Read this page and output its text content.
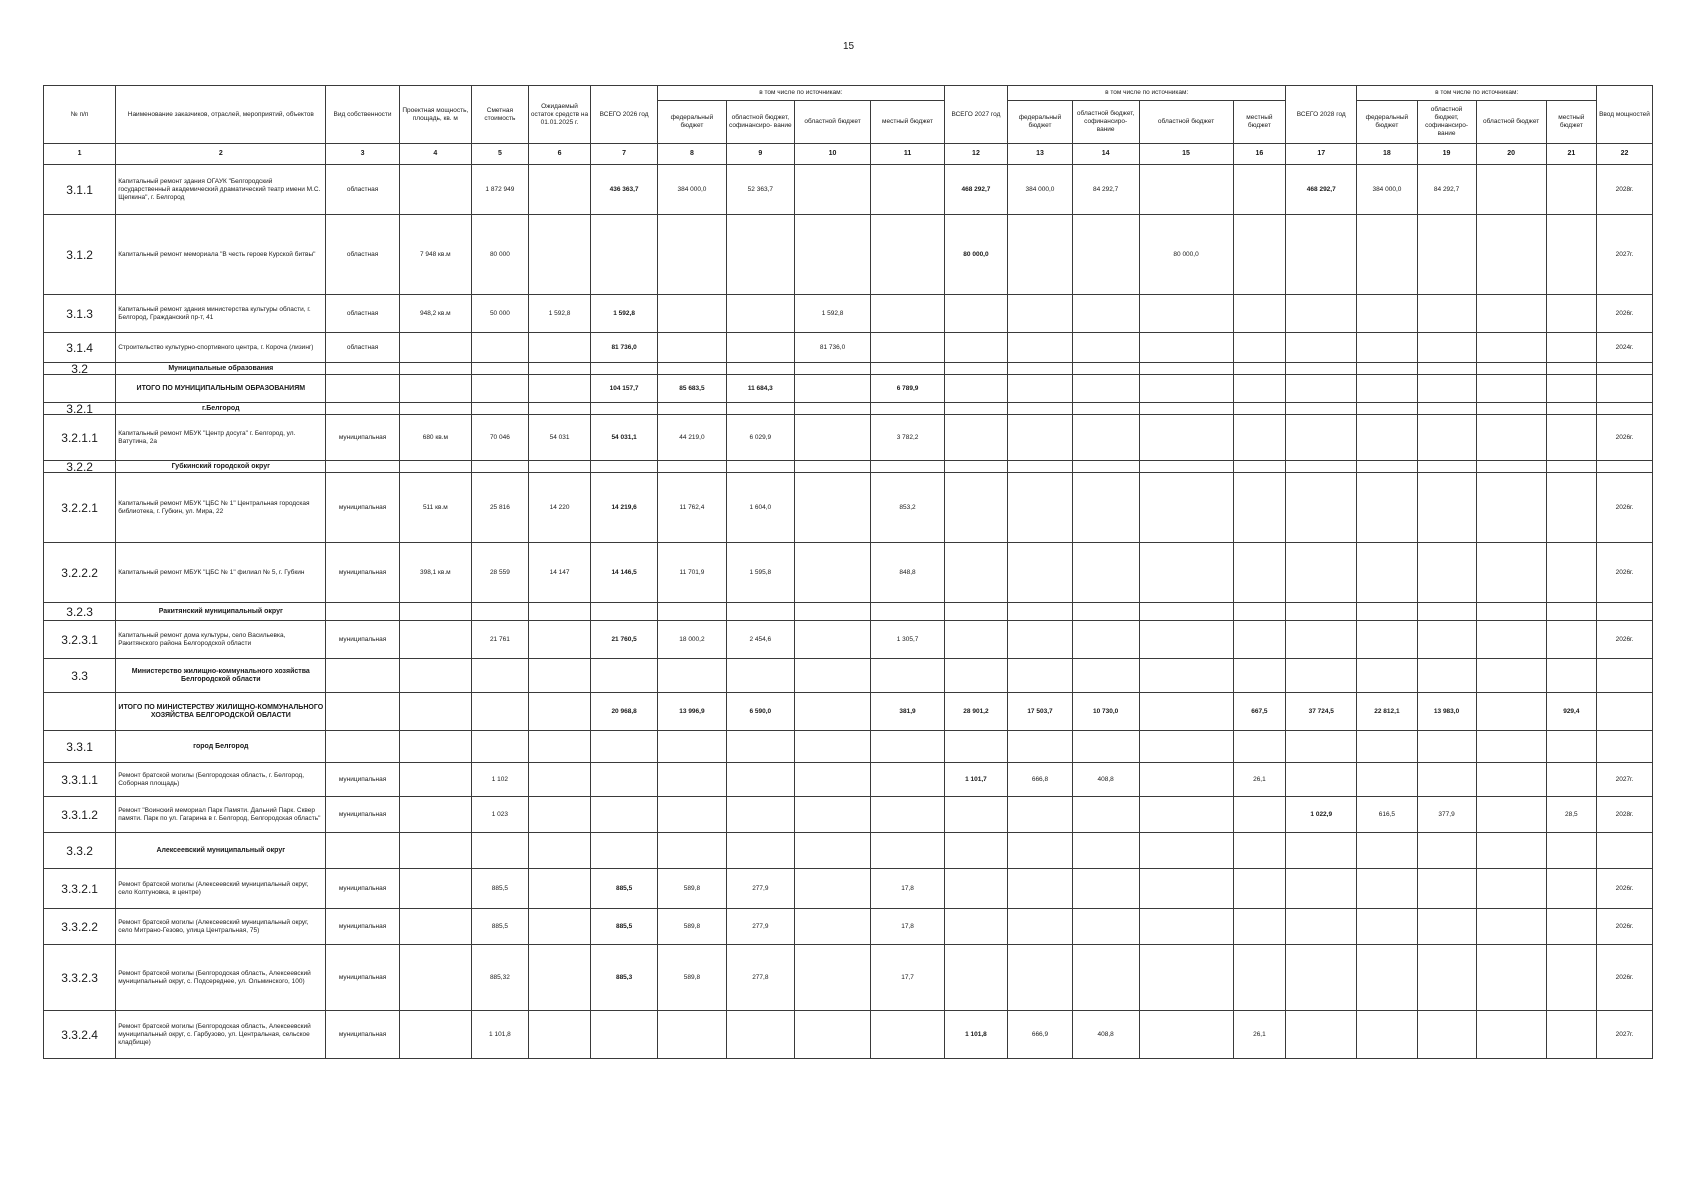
15
№ п/п	Наименование заказчиков, отраслей, мероприятий, объектов	Вид собственности	Проектная мощность, площадь, кв. м	Сметная стоимость	Ожидаемый остаток средств на 01.01.2025 г.	ВСЕГО 2026 год	в том числе по источникам:				ВСЕГО 2027 год	в том числе по источникам:				ВСЕГО 2028 год	в том числе по источникам:				Ввод мощностей
							федеральный бюджет	областной бюджет, софинансиро- вание	областной бюджет	местный бюджет		федеральный бюджет	областной бюджет, софинансиро- вание	областной бюджет	местный бюджет		федеральный бюджет	областной бюджет, софинансиро- вание	областной бюджет	местный бюджет	
1	2	3	4	5	6	7	8	9	10	11	12	13	14	15	16	17	18	19	20	21	22
3.1.1	Капитальный ремонт здания ОГАУК "Белгородский государственный академический драматический театр имени М.С. Щепкина", г. Белгород	областная		1 872 949		436 363,7	384 000,0	52 363,7			468 292,7	384 000,0	84 292,7			468 292,7	384 000,0	84 292,7			2028г.
3.1.2	Капитальный ремонт мемориала "В честь героев Курской битвы"	областная	7 948 кв.м	80 000							80 000,0			80 000,0							2027г.
3.1.3	Капитальный ремонт здания министерства культуры области, г. Белгород, Гражданский пр-т, 41	областная	948,2 кв.м	50 000	1 592,8	1 592,8			1 592,8												2026г.
3.1.4	Строительство культурно-спортивного центра, г. Короча (лизинг)	областная				81 736,0			81 736,0												2024г.
3.2	Муниципальные образования																				
	ИТОГО ПО МУНИЦИПАЛЬНЫМ ОБРАЗОВАНИЯМ					104 157,7	85 683,5	11 684,3		6 789,9											
3.2.1	г.Белгород																				
3.2.1.1	Капитальный ремонт МБУК "Центр досуга" г. Белгород, ул. Ватутина, 2а	муниципальная	680 кв.м	70 046	54 031	54 031,1	44 219,0	6 029,9		3 782,2											2026г.
3.2.2	Губкинский городской округ																				
3.2.2.1	Капитальный ремонт МБУК "ЦБС № 1" Центральная городская библиотека, г. Губкин, ул. Мира, 22	муниципальная	511 кв.м	25 816	14 220	14 219,6	11 762,4	1 604,0		853,2											2026г.
3.2.2.2	Капитальный ремонт МБУК "ЦБС № 1" филиал № 5, г. Губкин	муниципальная	398,1 кв.м	28 559	14 147	14 146,5	11 701,9	1 595,8		848,8											2026г.
3.2.3	Ракитянский муниципальный округ																				
3.2.3.1	Капитальный ремонт дома культуры, село Васильевка, Ракитянского района Белгородской области	муниципальная		21 761		21 760,5	18 000,2	2 454,6		1 305,7											2026г.
3.3	Министерство жилищно-коммунального хозяйства Белгородской области																				
	ИТОГО ПО МИНИСТЕРСТВУ ЖИЛИЩНО-КОММУНАЛЬНОГО ХОЗЯЙСТВА БЕЛГОРОДСКОЙ ОБЛАСТИ					20 968,8	13 996,9	6 590,0		381,9	28 901,2	17 503,7	10 730,0		667,5	37 724,5	22 812,1	13 983,0		929,4	
3.3.1	город Белгород																				
3.3.1.1	Ремонт братской могилы (Белгородская область, г. Белгород, Соборная площадь)	муниципальная		1 102							1 101,7	666,8	408,8		26,1						2027г.
3.3.1.2	Ремонт "Воинский мемориал Парк Памяти. Дальний Парк. Сквер памяти. Парк по ул. Гагарина в г. Белгород, Белгородская область"	муниципальная		1 023												1 022,9	616,5	377,9		28,5	2028г.
3.3.2	Алексеевский муниципальный округ																				
3.3.2.1	Ремонт братской могилы (Алексеевский муниципальный округ, село Колтуновка, в центре)	муниципальная		885,5		885,5	589,8	277,9		17,8											2026г.
3.3.2.2	Ремонт братской могилы (Алексеевский муниципальный округ, село Митрано-Гезово, улица Центральная, 75)	муниципальная		885,5		885,5	589,8	277,9		17,8											2026г.
3.3.2.3	Ремонт братской могилы (Белгородская область, Алексеевский муниципальный округ, с. Подсереднее, ул. Ольминского, 100)	муниципальная		885,32		885,3	589,8	277,8		17,7											2026г.
3.3.2.4	Ремонт братской могилы (Белгородская область, Алексеевский муниципальный округ, с. Гарбузово, ул. Центральная, сельское кладбище)	муниципальная		1 101,8							1 101,8	666,9	408,8		26,1						2027г.
